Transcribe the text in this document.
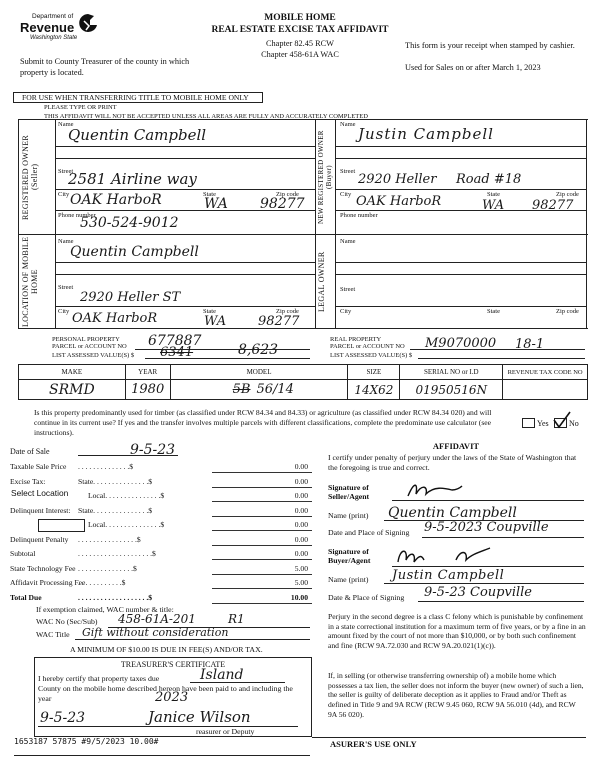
Department of
Revenue
Washington State
MOBILE HOME
REAL ESTATE EXCISE TAX AFFIDAVIT
Chapter 82.45 RCW
Chapter 458-61A WAC
Submit to County Treasurer of the county in which property is located.
This form is your receipt when stamped by cashier.
Used for Sales on or after March 1, 2023
FOR USE WHEN TRANSFERRING TITLE TO MOBILE HOME ONLY
PLEASE TYPE OR PRINT
THIS AFFIDAVIT WILL NOT BE ACCEPTED UNLESS ALL AREAS ARE FULLY AND ACCURATELY COMPLETED
REGISTERED OWNER (Seller)	NEW REGISTERED OWNER (Buyer)
LOCATION OF MOBILE HOME	LEGAL OWNER
Name
Quentin Campbell
Street
2581 Airline way
City OAK HarboR	State
WA
Zip code
98277
Phone number
530-524-9012
Name
Justin Campbell
Street
2920 Heller Road #18
City OAK HarboR	State
WA
Zip code
98277
Phone number
Name
Quentin Campbell
Street
2920 Heller ST
City OAK HarboR	State
WA
Zip code
98277
Name
Street
City	State	Zip code
PERSONAL PROPERTY
PARCEL or ACCOUNT NO 677887
LIST ASSESSED VALUE(S) $ 6341	8,623
REAL PROPERTY
PARCEL or ACCOUNT NO M9070000 18-1
LIST ASSESSED VALUE(S) $
MAKE	YEAR	MODEL	SIZE	SERIAL NO or I.D	REVENUE TAX CODE NO
SRMD	1980	5B 56/14	14X62	01950516N	
Is this property predominantly used for timber (as classified under RCW 84.34 and 84.33) or agriculture (as classified under RCW 84.34 020) and will continue in its current use? If yes and the transfer involves multiple parcels with different classifications, complete the predominate use calculator (see instructions).
Yes	No
Date of Sale	9-5-23
Taxable Sale Price . . . . . . . . . . . . . .$	0.00
Excise Tax:	State. . . . . . . . . . . . . . .$	0.00
Local. . . . . . . . . . . . . . .$	0.00
Delinquent Interest: State. . . . . . . . . . . . . . .$	0.00
Local. . . . . . . . . . . . . . .$	0.00
Delinquent Penalty . . . . . . . . . . . . . . . .$	0.00
Subtotal	. . . . . . . . . . . . . . . . . . . .$	0.00
State Technology Fee . . . . . . . . . . . . . . .$	5.00
Affidavit Processing Fee
. . . . . . . . . . . .$	5.00
Total Due	. . . . . . . . . . . . . . . . . . .$	10.00
Select Location
If exemption claimed, WAC number & title:
WAC No (Sec/Sub) 458-61A-201	R1
WAC Title Gift without consideration
A MINIMUM OF $10.00 IS DUE IN FEE(S) AND/OR TAX.
TREASURER'S CERTIFICATE
I hereby certify that property taxes due	Island
County on the mobile home described hereon have been paid to and including the year	2023
9-5-23	Janice Wilson
reasurer or Deputy
1653187 57875 #9/5/2023 10.00#
AFFIDAVIT
I certify under penalty of perjury under the laws of the State of Washington that the foregoing is true and correct.
Signature of Seller/Agent
Name (print) Quentin Campbell
Date and Place of Signing 9-5-2023 Coupville
Signature of Buyer/Agent
Name (print) Justin Campbell
Date & Place of Signing 9-5-23 Coupville
Perjury in the second degree is a class C felony which is punishable by confinement in a state correctional institution for a maximum term of five years, or by a fine in an amount fixed by the court of not more than $10,000, or by both such confinement and fine (RCW 9A.72.030 and RCW 9A.20.021(1)(c)).
If, in selling (or otherwise transferring ownership of) a mobile home which possesses a tax lien, the seller does not inform the buyer (new owner) of such a lien, the seller is guilty of deliberate deception as it applies to Fraud and/or Theft as defined in Title 9 and 9A RCW (RCW 9.45 060, RCW 9A 56.010 (4d), and RCW 9A 56 020).
ASURER'S USE ONLY
